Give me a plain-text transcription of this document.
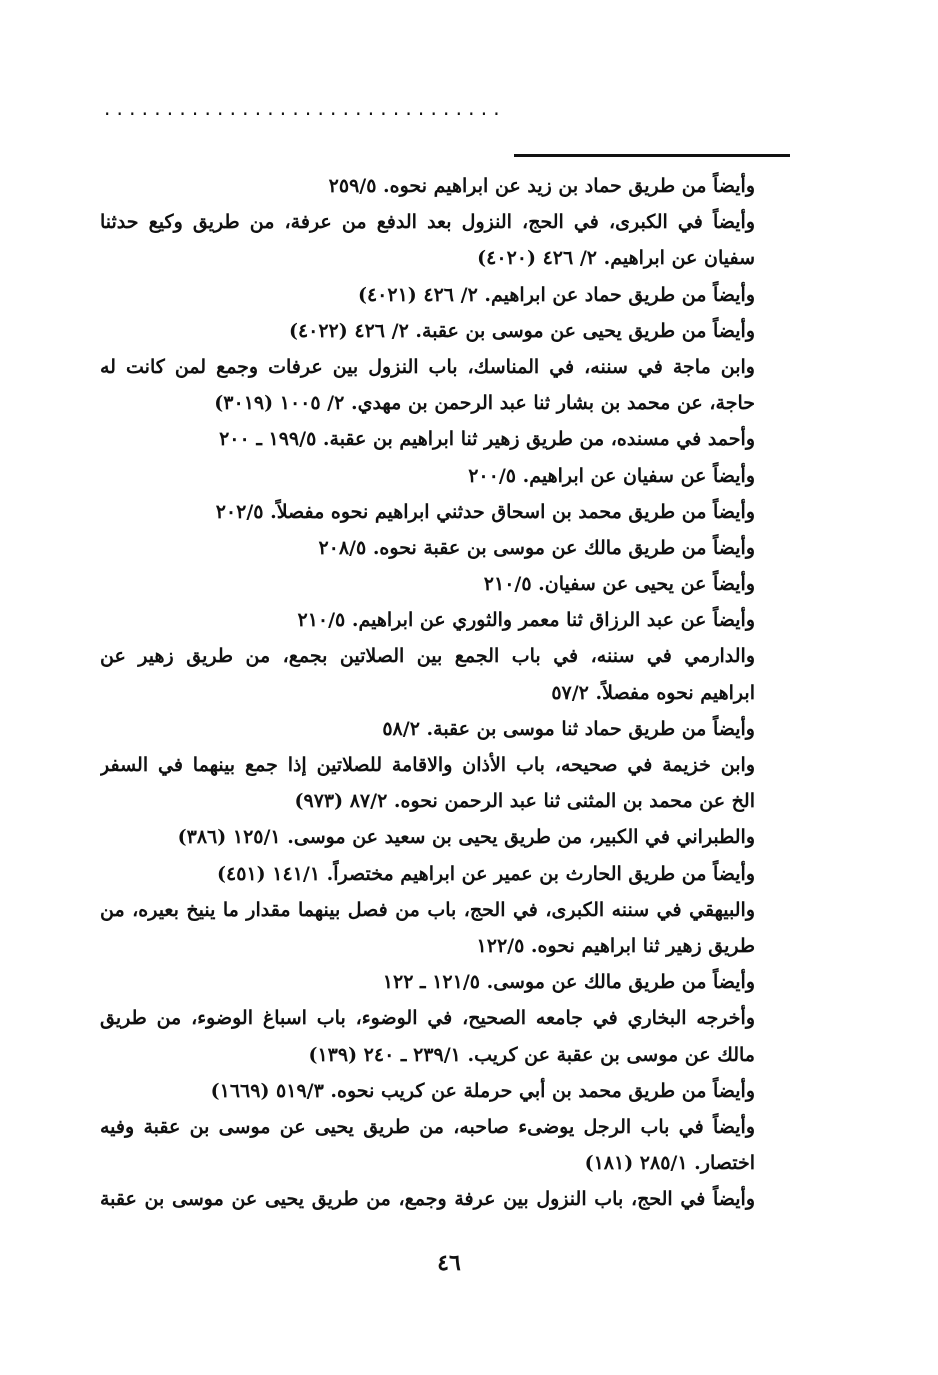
................................
وأيضاً من طريق حماد بن زيد عن ابراهيم نحوه. ٢٥٩/٥
وأيضاً في الكبرى، في الحج، النزول بعد الدفع من عرفة، من طريق وكيع حدثنا
سفيان عن ابراهيم. ٢/ ٤٢٦ (٤٠٢٠)
وأيضاً من طريق حماد عن ابراهيم. ٢/ ٤٢٦ (٤٠٢١)
وأيضاً من طريق يحيى عن موسى بن عقبة. ٢/ ٤٢٦ (٤٠٢٢)
وابن ماجة في سننه، في المناسك، باب النزول بين عرفات وجمع لمن كانت له
حاجة، عن محمد بن بشار ثنا عبد الرحمن بن مهدي. ٢/ ١٠٠٥ (٣٠١٩)
وأحمد في مسنده، من طريق زهير ثنا ابراهيم بن عقبة. ١٩٩/٥ ـ ٢٠٠
وأيضاً عن سفيان عن ابراهيم. ٢٠٠/٥
وأيضاً من طريق محمد بن اسحاق حدثني ابراهيم نحوه مفصلاً. ٢٠٢/٥
وأيضاً من طريق مالك عن موسى بن عقبة نحوه. ٢٠٨/٥
وأيضاً عن يحيى عن سفيان. ٢١٠/٥
وأيضاً عن عبد الرزاق ثنا معمر والثوري عن ابراهيم. ٢١٠/٥
والدارمي في سننه، في باب الجمع بين الصلاتين بجمع، من طريق زهير عن
ابراهيم نحوه مفصلاً. ٥٧/٢
وأيضاً من طريق حماد ثنا موسى بن عقبة. ٥٨/٢
وابن خزيمة في صحيحه، باب الأذان والاقامة للصلاتين إذا جمع بينهما في السفر
الخ عن محمد بن المثنى ثنا عبد الرحمن نحوه. ٨٧/٢ (٩٧٣)
والطبراني في الكبير، من طريق يحيى بن سعيد عن موسى. ١٢٥/١ (٣٨٦)
وأيضاً من طريق الحارث بن عمير عن ابراهيم مختصراً. ١٤١/١ (٤٥١)
والبيهقي في سننه الكبرى، في الحج، باب من فصل بينهما مقدار ما ينيخ بعيره، من
طريق زهير ثنا ابراهيم نحوه. ١٢٢/٥
وأيضاً من طريق مالك عن موسى. ١٢١/٥ ـ ١٢٢
وأخرجه البخاري في جامعه الصحيح، في الوضوء، باب اسباغ الوضوء، من طريق
مالك عن موسى بن عقبة عن كريب. ٢٣٩/١ ـ ٢٤٠ (١٣٩)
وأيضاً من طريق محمد بن أبي حرملة عن كريب نحوه. ٥١٩/٣ (١٦٦٩)
وأيضاً في باب الرجل يوضىء صاحبه، من طريق يحيى عن موسى بن عقبة وفيه
اختصار. ٢٨٥/١ (١٨١)
وأيضاً في الحج، باب النزول بين عرفة وجمع، من طريق يحيى عن موسى بن عقبة
٤٦
